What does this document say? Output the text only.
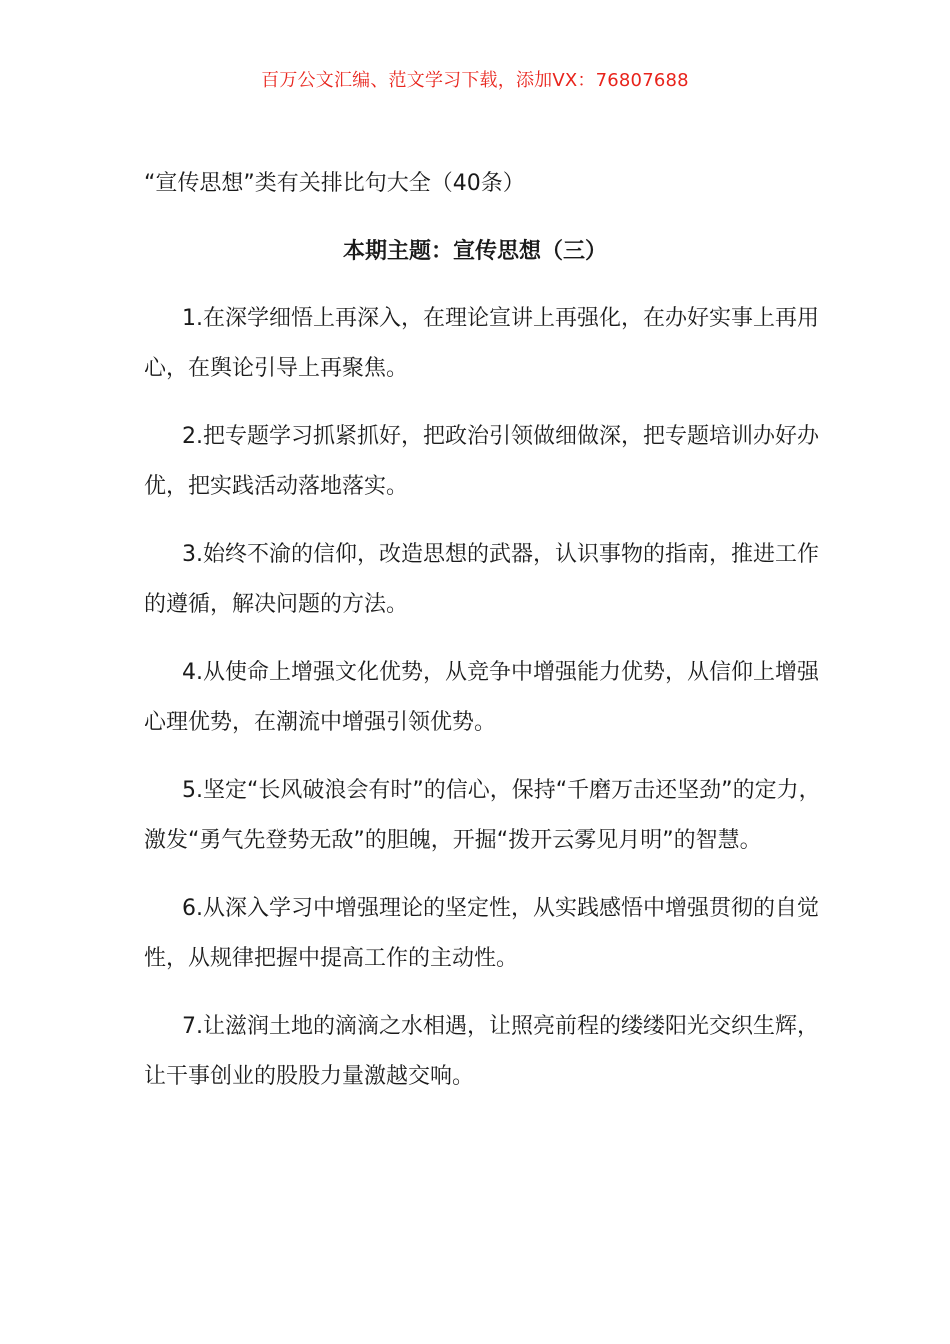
百万公文汇编、范文学习下载，添加VX：76807688
“宣传思想”类有关排比句大全（40条）
本期主题：宣传思想（三）

1.在深学细悟上再深入，在理论宣讲上再强化，在办好实事上再用心，在舆论引导上再聚焦。

2.把专题学习抓紧抓好，把政治引领做细做深，把专题培训办好办优，把实践活动落地落实。

3.始终不渝的信仰，改造思想的武器，认识事物的指南，推进工作的遵循，解决问题的方法。

4.从使命上增强文化优势，从竞争中增强能力优势，从信仰上增强心理优势，在潮流中增强引领优势。

5.坚定“长风破浪会有时”的信心，保持“千磨万击还坚劲”的定力，激发“勇气先登势无敌”的胆魄，开掘“拨开云雾见月明”的智慧。

6.从深入学习中增强理论的坚定性，从实践感悟中增强贯彻的自觉性，从规律把握中提高工作的主动性。

7.让滋润土地的滴滴之水相遇，让照亮前程的缕缕阳光交织生辉，让干事创业的股股力量激越交响。
